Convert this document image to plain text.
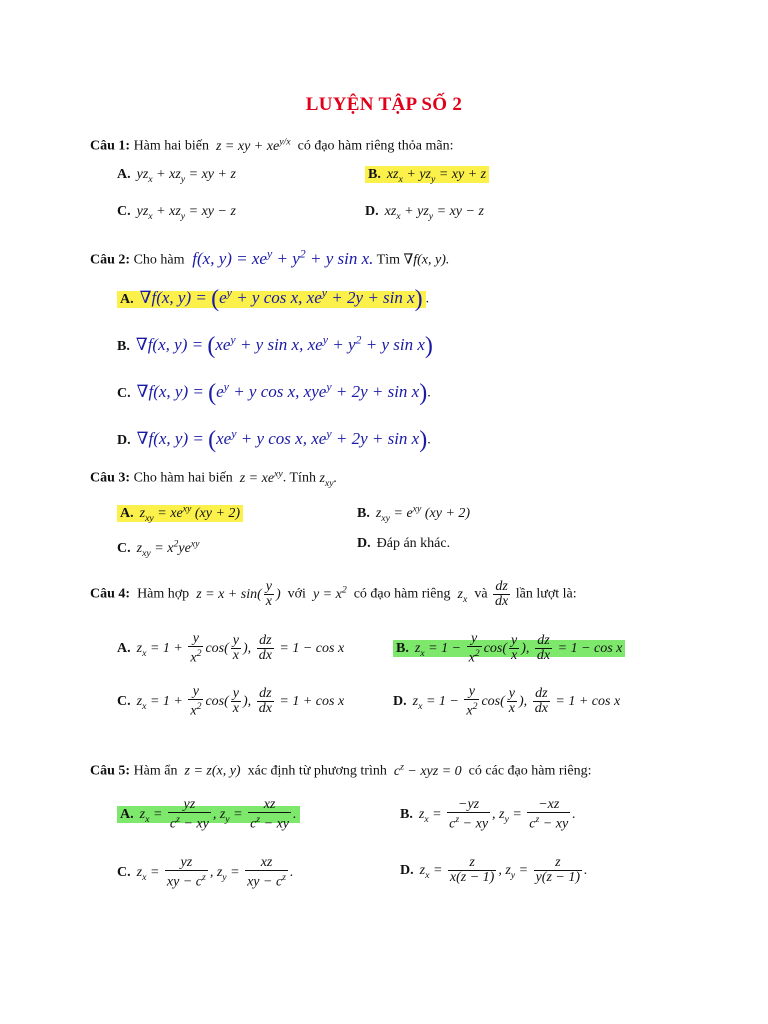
LUYỆN TẬP SỐ 2
Câu 1: Hàm hai biến  z = xy + $xe^{y/x}$ có đạo hàm riêng thỏa mãn:
A. $yz_x + xz_y$ = xy + z	B. $xz_x + yz_y$ = xy + z
C. $yz_x + xz_y$ = xy − z	D. $xz_x + yz_y$ = xy − z
Câu 2: Cho hàm  f(x, $y) = xe^y + y^2 + y$ sin x. Tìm ∇f(x, y).
A. ∇f(x, $y) = (e^y + y$ cos x, $xe^y + 2y + \sin x$) .
B. ∇f(x, $y) = (xe^y + y$ sin x, $xe^y + y^2 + y$ sin x)
C. ∇f(x, $y) = (e^y + y$ cos x, xye$^y$ + 2y + sin x).
D. ∇f(x, $y) = (xe^y + y$ cos x, $xe^y + 2y + \sin x$).
Câu 3: Cho hàm hai biến  $z = xe^{xy}$. Tính $z_{xy}$.
A. $z_{xy} = xe^{xy}$ (xy + 2)	B. $z_{xy} = e^{xy}$ (xy + 2)
C. $z_{xy} = x^2ye^{xy}$	D. Đáp án khác.
Câu 4: Hàm hợp  $z = x + \sin( \frac{y}{x}$ )  với  $y = x^2$ có đạo hàm riêng  $z_x$ và $\frac{dz}{dx}$ lần lượt là:
A. $z_x = 1 + \frac{y}{x^2} \cos( \frac{y}{x}$ ), $\frac{dz}{dx} = 1 - \cos x$	B. $z_x = 1 - \frac{y}{x^2} \cos( \frac{y}{x}$ ), $\frac{dz}{dx} = 1 - \cos x$
C. $z_x = 1 + \frac{y}{x^2} \cos( \frac{y}{x}$ ), $\frac{dz}{dx} = 1 + \cos x$	D. $z_x = 1 - \frac{y}{x^2} \cos( \frac{y}{x}$ ), $\frac{dz}{dx} = 1 + \cos x$
Câu 5: Hàm ẩn  z = z(x, y)  xác định từ phương trình  $c^z$ − xyz = 0  có các đạo hàm riêng:
A. $z_x = \frac{yz}{c^z - xy}$ , $z_y = \frac{xz}{c^z - xy}$ .	B. $z_x = \frac{-yz}{c^z - xy}$ , $z_y = \frac{-xz}{c^z - xy}$ .
C. $z_x = \frac{yz}{xy - c^z}$ , $z_y = \frac{xz}{xy - c^z}$ .	D. $z_x = \frac{z}{x(z - 1)}$ , $z_y = \frac{z}{y(z - 1)}$ .
